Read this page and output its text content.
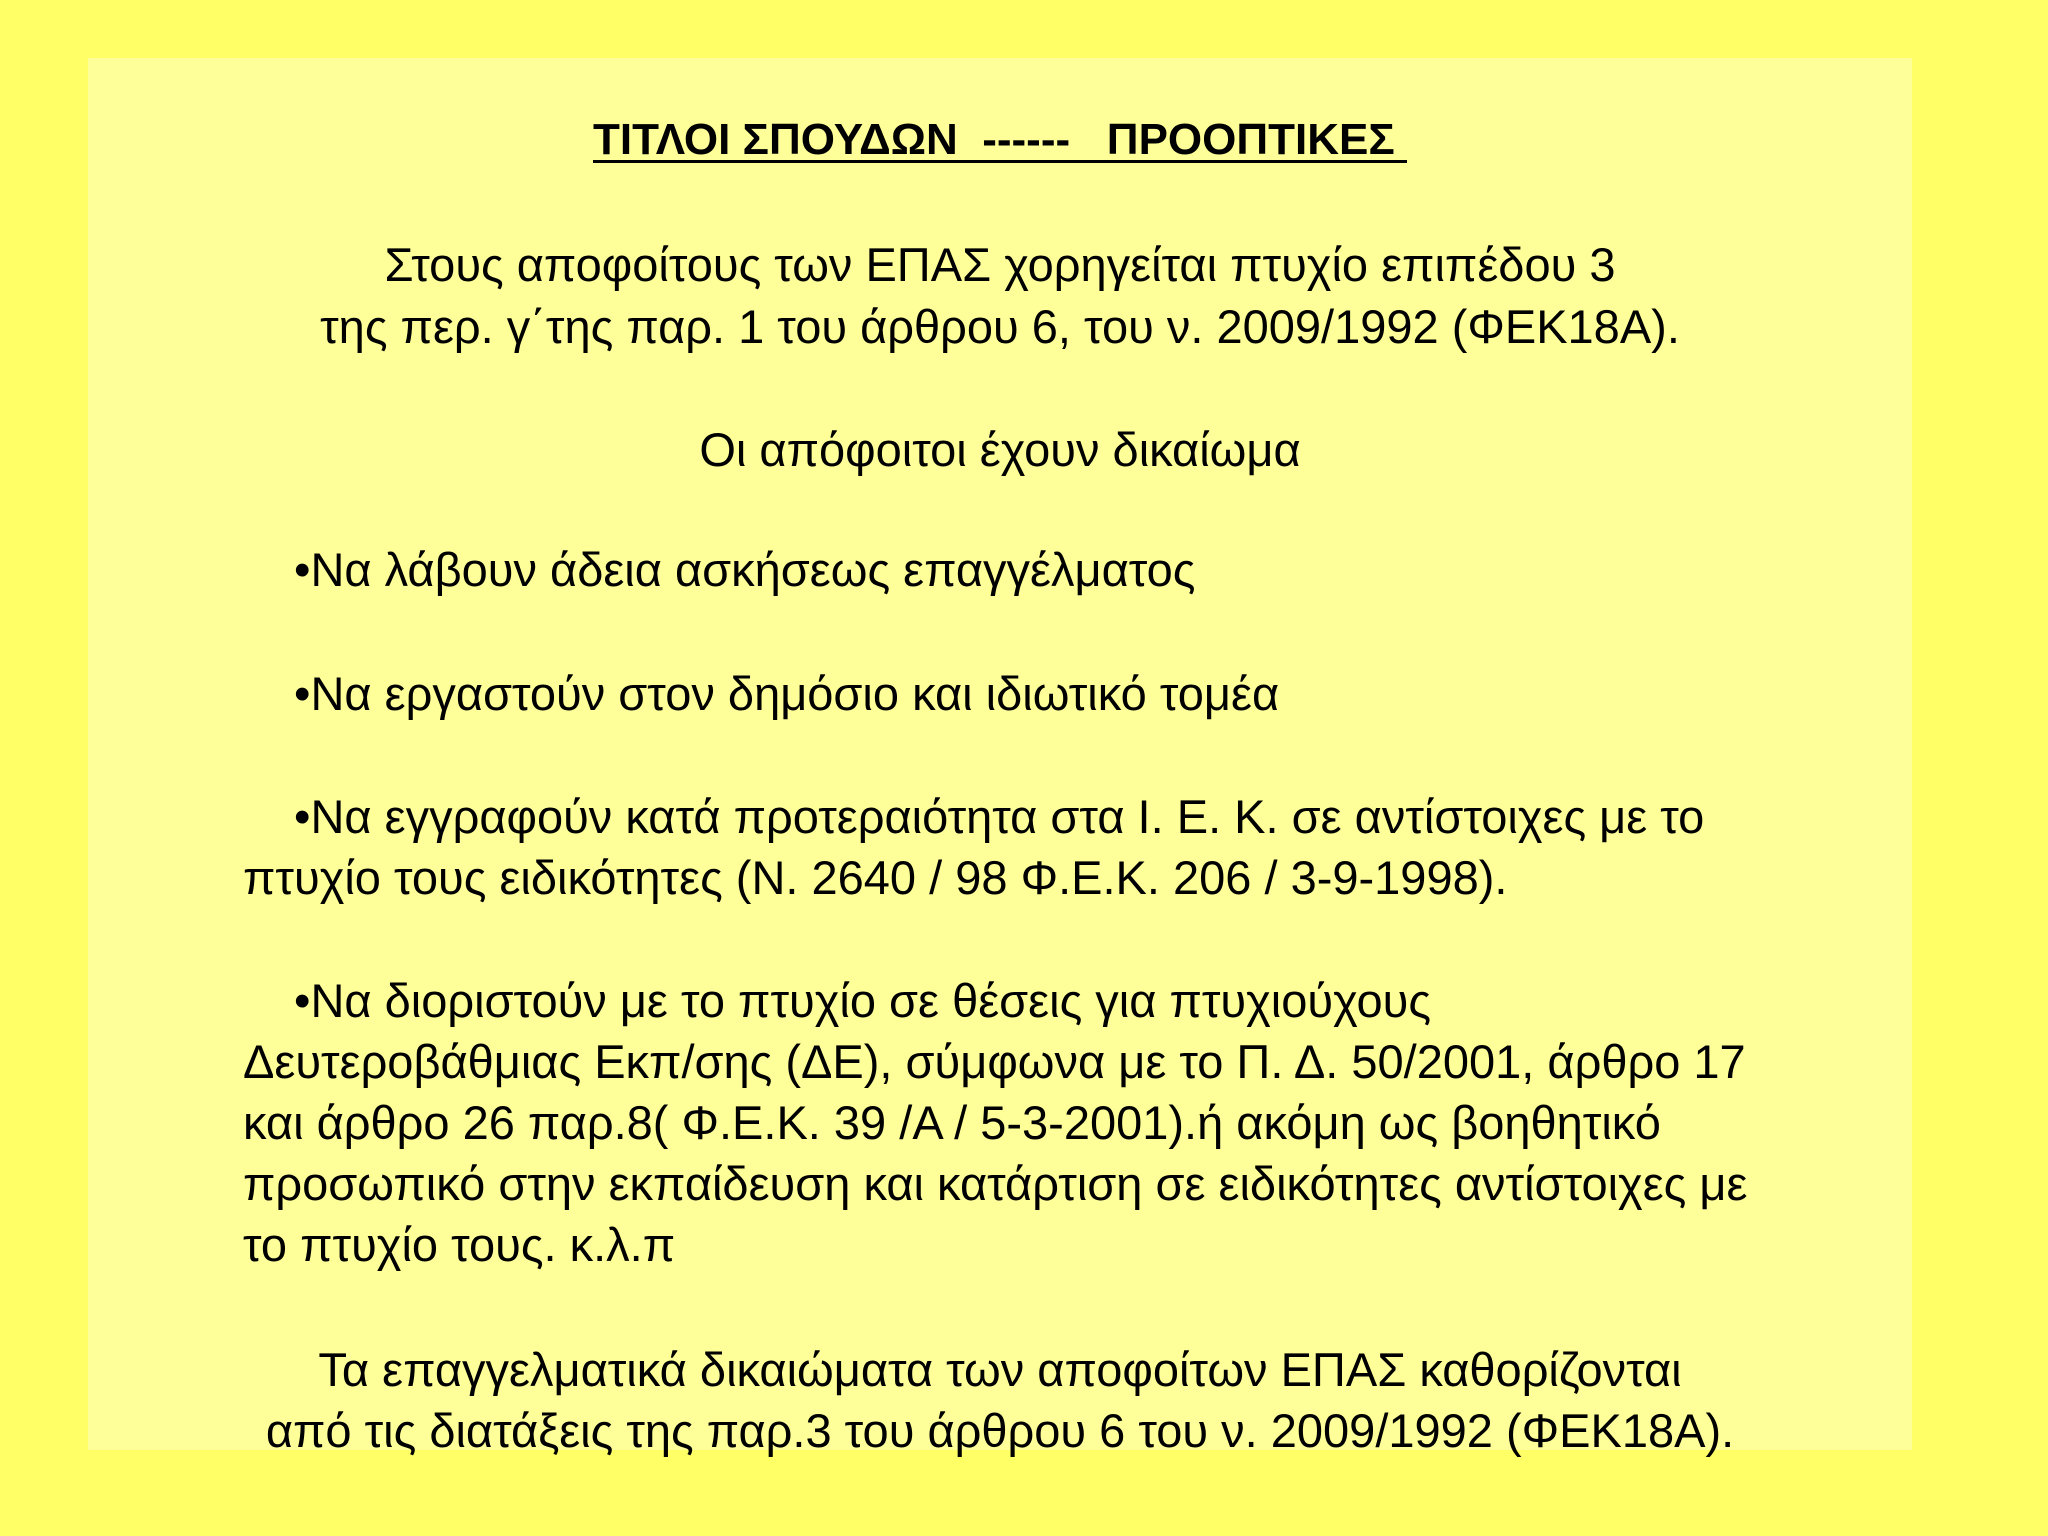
ΤΙΤΛΟΙ ΣΠΟΥΔΩΝ  ------   ΠΡΟΟΠΤΙΚΕΣ
Στους αποφοίτους των ΕΠΑΣ χορηγείται πτυχίο επιπέδου 3
της περ. γ΄της παρ. 1 του άρθρου 6, του ν. 2009/1992 (ΦΕΚ18Α).
Οι απόφοιτοι έχουν δικαίωμα
•Να λάβουν άδεια ασκήσεως επαγγέλματος
•Να εργαστούν στον δημόσιο και ιδιωτικό τομέα
•Να εγγραφούν κατά προτεραιότητα στα Ι. Ε. Κ. σε αντίστοιχες με το
πτυχίο τους ειδικότητες (Ν. 2640 / 98 Φ.Ε.Κ. 206 / 3-9-1998).
•Να διοριστούν με το πτυχίο σε θέσεις για πτυχιούχους
Δευτεροβάθμιας Εκπ/σης (ΔΕ), σύμφωνα με το Π. Δ. 50/2001, άρθρο 17
και άρθρο 26 παρ.8( Φ.Ε.Κ. 39 /Α / 5-3-2001).ή ακόμη ως βοηθητικό
προσωπικό στην εκπαίδευση και κατάρτιση σε ειδικότητες αντίστοιχες με
το πτυχίο τους. κ.λ.π
Τα επαγγελματικά δικαιώματα των αποφοίτων ΕΠΑΣ καθορίζονται
από τις διατάξεις της παρ.3 του άρθρου 6 του ν. 2009/1992 (ΦΕΚ18Α).
